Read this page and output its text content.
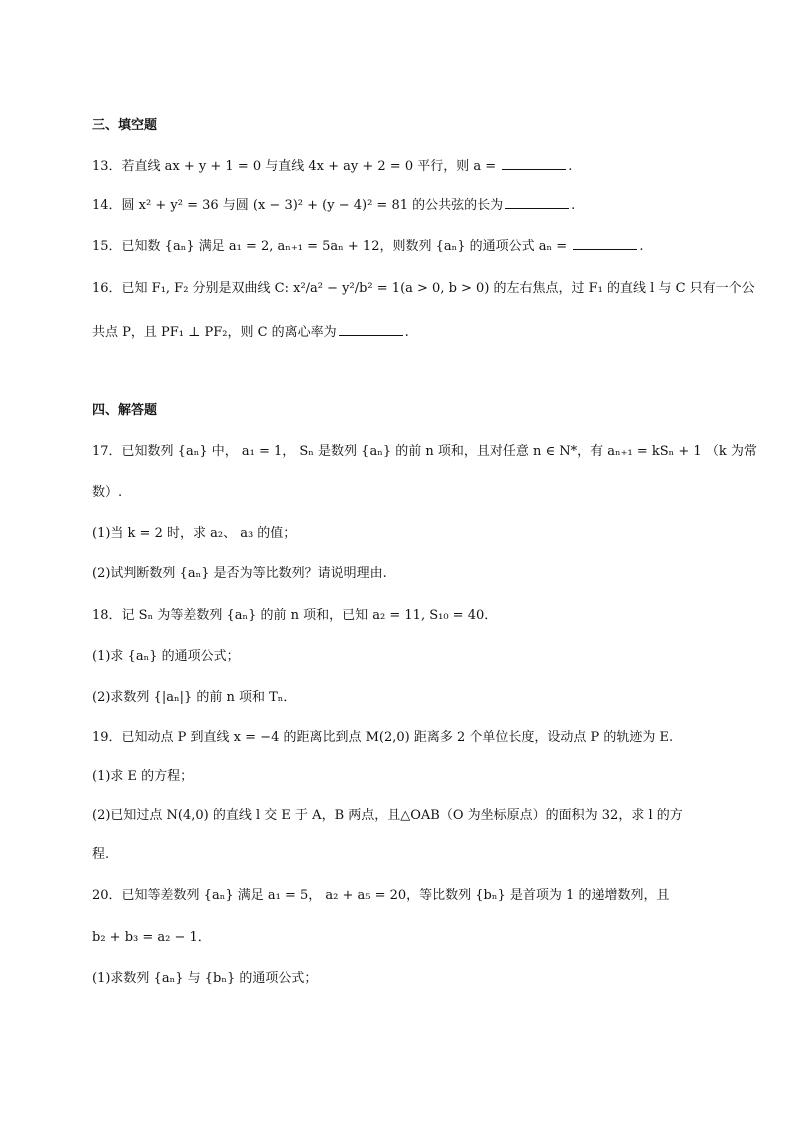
三、填空题
13．若直线 ax + y + 1 = 0 与直线 4x + ay + 2 = 0 平行，则 a =	.
14．圆 x² + y² = 36 与圆 (x − 3)² + (y − 4)² = 81 的公共弦的长为	.
15．已知数 {aₙ} 满足 a₁ = 2, aₙ₊₁ = 5aₙ + 12，则数列 {aₙ} 的通项公式 aₙ =	.
16．已知 F₁, F₂ 分别是双曲线 C: x²/a² − y²/b² = 1(a > 0, b > 0) 的左右焦点，过 F₁ 的直线 l 与 C 只有一个公
共点 P，且 PF₁ ⊥ PF₂，则 C 的离心率为	.
四、解答题
17．已知数列 {aₙ} 中， a₁ = 1， Sₙ 是数列 {aₙ} 的前 n 项和，且对任意 n ∈ N*，有 aₙ₊₁ = kSₙ + 1 （k 为常
数）.
(1)当 k = 2 时，求 a₂、 a₃ 的值；
(2)试判断数列 {aₙ} 是否为等比数列？请说明理由.
18．记 Sₙ 为等差数列 {aₙ} 的前 n 项和，已知 a₂ = 11, S₁₀ = 40．
(1)求 {aₙ} 的通项公式；
(2)求数列 {|aₙ|} 的前 n 项和 Tₙ．
19．已知动点 P 到直线 x = −4 的距离比到点 M(2,0) 距离多 2 个单位长度，设动点 P 的轨迹为 E.
(1)求 E 的方程；
(2)已知过点 N(4,0) 的直线 l 交 E 于 A，B 两点，且△OAB（O 为坐标原点）的面积为 32，求 l 的方
程.
20．已知等差数列 {aₙ} 满足 a₁ = 5， a₂ + a₅ = 20，等比数列 {bₙ} 是首项为 1 的递增数列，且
b₂ + b₃ = a₂ − 1．
(1)求数列 {aₙ} 与 {bₙ} 的通项公式；
